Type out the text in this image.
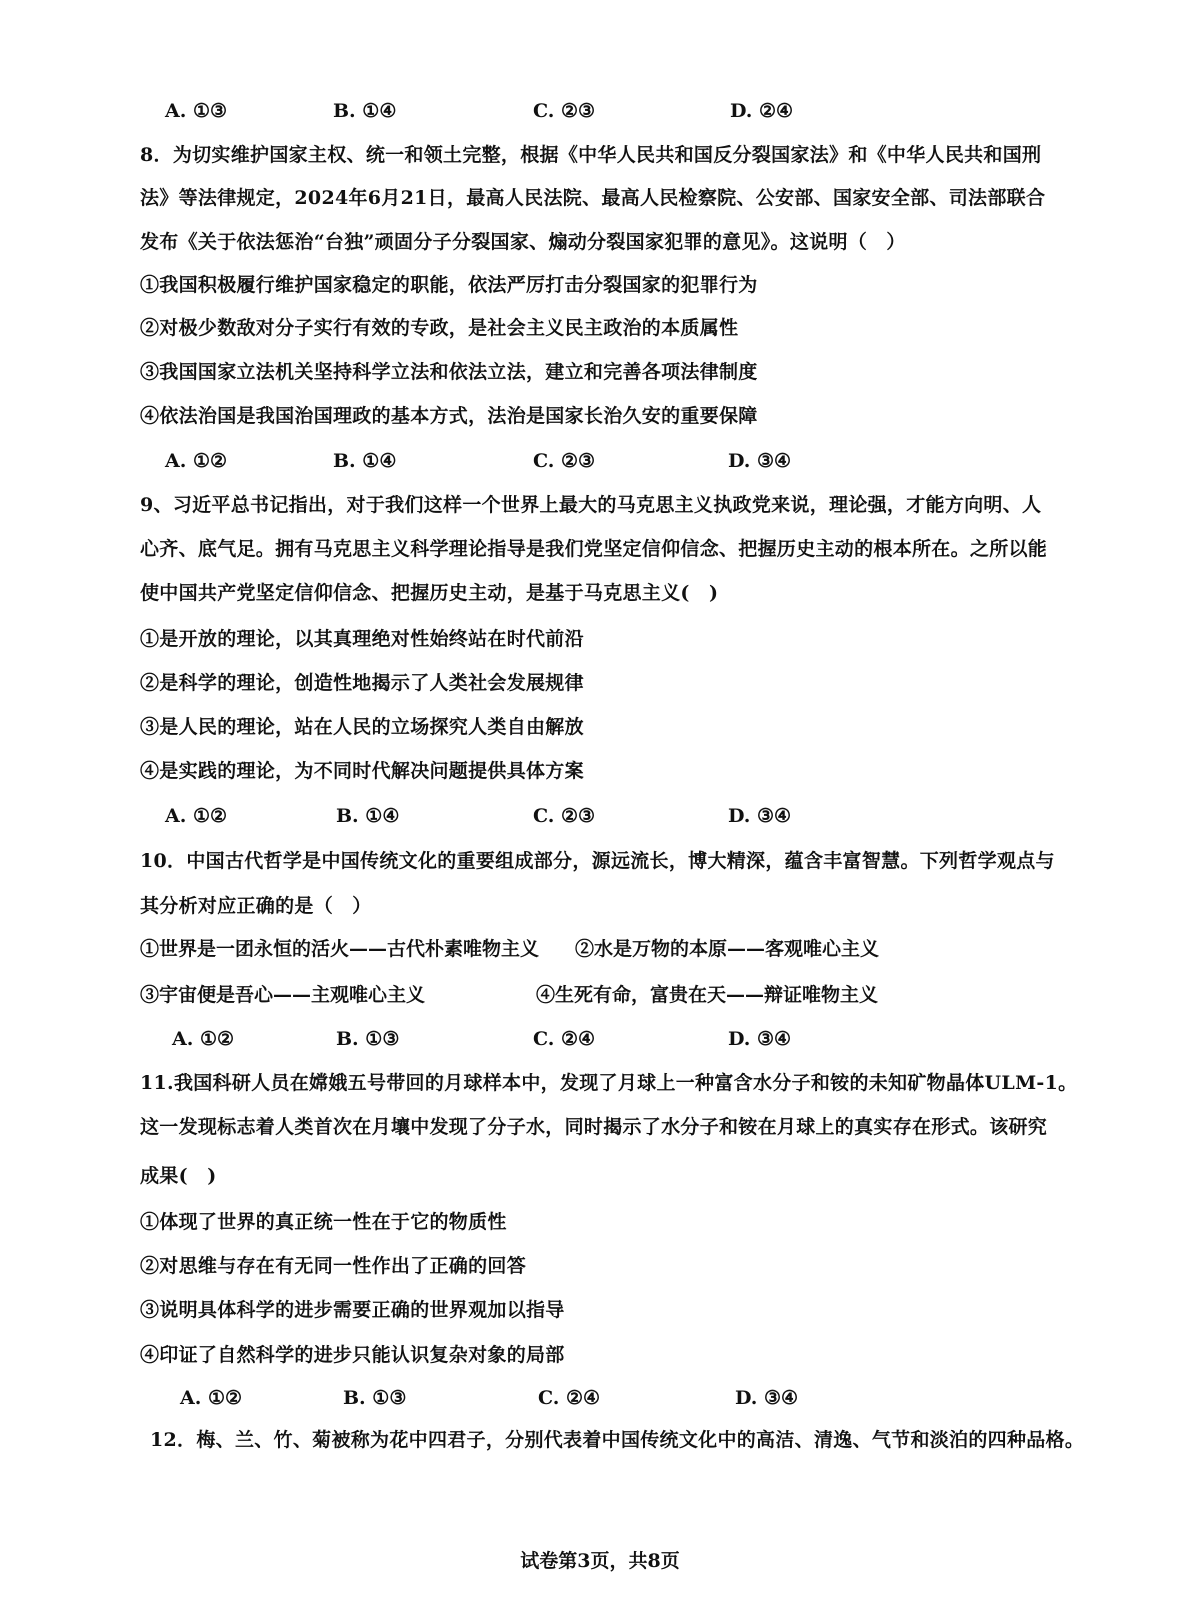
A. ①③	B. ①④	C. ②③	D. ②④
8．为切实维护国家主权、统一和领土完整，根据《中华人民共和国反分裂国家法》和《中华人民共和国刑
法》等法律规定，2024年6月21日，最高人民法院、最高人民检察院、公安部、国家安全部、司法部联合
发布《关于依法惩治“台独”顽固分子分裂国家、煽动分裂国家犯罪的意见》。这说明（　）
①我国积极履行维护国家稳定的职能，依法严厉打击分裂国家的犯罪行为
②对极少数敌对分子实行有效的专政，是社会主义民主政治的本质属性
③我国国家立法机关坚持科学立法和依法立法，建立和完善各项法律制度
④依法治国是我国治国理政的基本方式，法治是国家长治久安的重要保障
A. ①②	B. ①④	C. ②③	D. ③④
9、习近平总书记指出，对于我们这样一个世界上最大的马克思主义执政党来说，理论强，才能方向明、人
心齐、底气足。拥有马克思主义科学理论指导是我们党坚定信仰信念、把握历史主动的根本所在。之所以能
使中国共产党坚定信仰信念、把握历史主动，是基于马克思主义(　)
①是开放的理论，以其真理绝对性始终站在时代前沿
②是科学的理论，创造性地揭示了人类社会发展规律
③是人民的理论，站在人民的立场探究人类自由解放
④是实践的理论，为不同时代解决问题提供具体方案
A. ①②	B. ①④	C. ②③	D. ③④
10．中国古代哲学是中国传统文化的重要组成部分，源远流长，博大精深，蕴含丰富智慧。下列哲学观点与
其分析对应正确的是（　）
①世界是一团永恒的活火——古代朴素唯物主义 ②水是万物的本原——客观唯心主义
③宇宙便是吾心——主观唯心主义	④生死有命，富贵在天——辩证唯物主义
A. ①②	B. ①③	C. ②④	D. ③④
11.我国科研人员在嫦娥五号带回的月球样本中，发现了月球上一种富含水分子和铵的未知矿物晶体ULM-1。
这一发现标志着人类首次在月壤中发现了分子水，同时揭示了水分子和铵在月球上的真实存在形式。该研究
成果(　)
①体现了世界的真正统一性在于它的物质性
②对思维与存在有无同一性作出了正确的回答
③说明具体科学的进步需要正确的世界观加以指导
④印证了自然科学的进步只能认识复杂对象的局部
A. ①②	B. ①③	C. ②④	D. ③④
12．梅、兰、竹、菊被称为花中四君子，分别代表着中国传统文化中的高洁、清逸、气节和淡泊的四种品格。
试卷第3页，共8页
